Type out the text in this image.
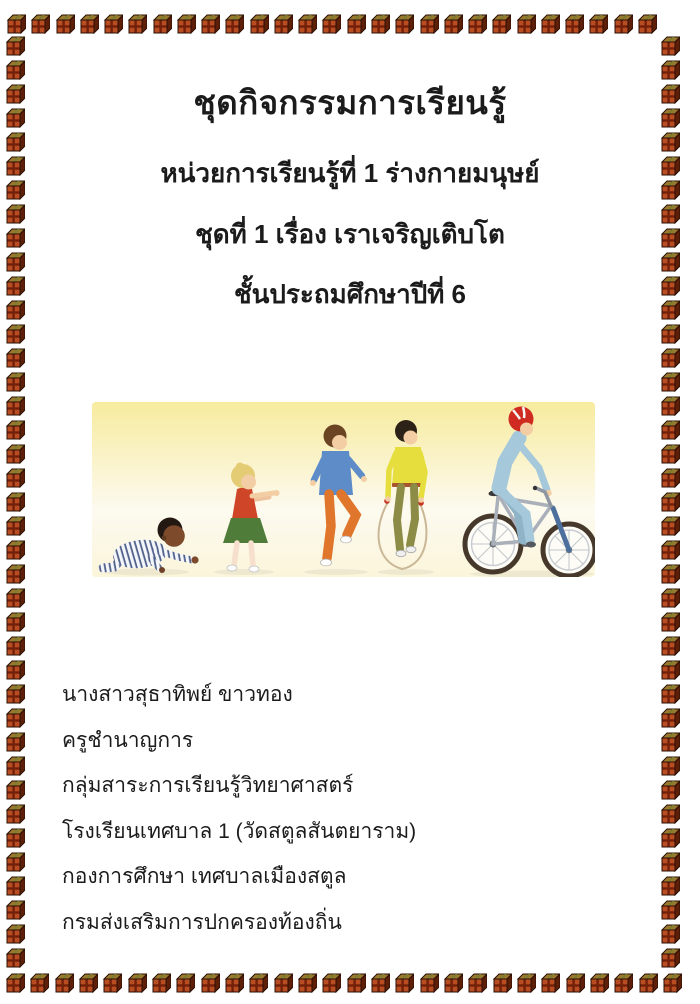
ชุดกิจกรรมการเรียนรู้
หน่วยการเรียนรู้ที่ 1 ร่างกายมนุษย์
ชุดที่ 1 เรื่อง เราเจริญเติบโต
ชั้นประถมศึกษาปีที่ 6

นางสาวสุธาทิพย์ ขาวทอง

ครูชำนาญการ

กลุ่มสาระการเรียนรู้วิทยาศาสตร์

โรงเรียนเทศบาล 1 (วัดสตูลสันตยาราม)

กองการศึกษา เทศบาลเมืองสตูล

กรมส่งเสริมการปกครองท้องถิ่น
